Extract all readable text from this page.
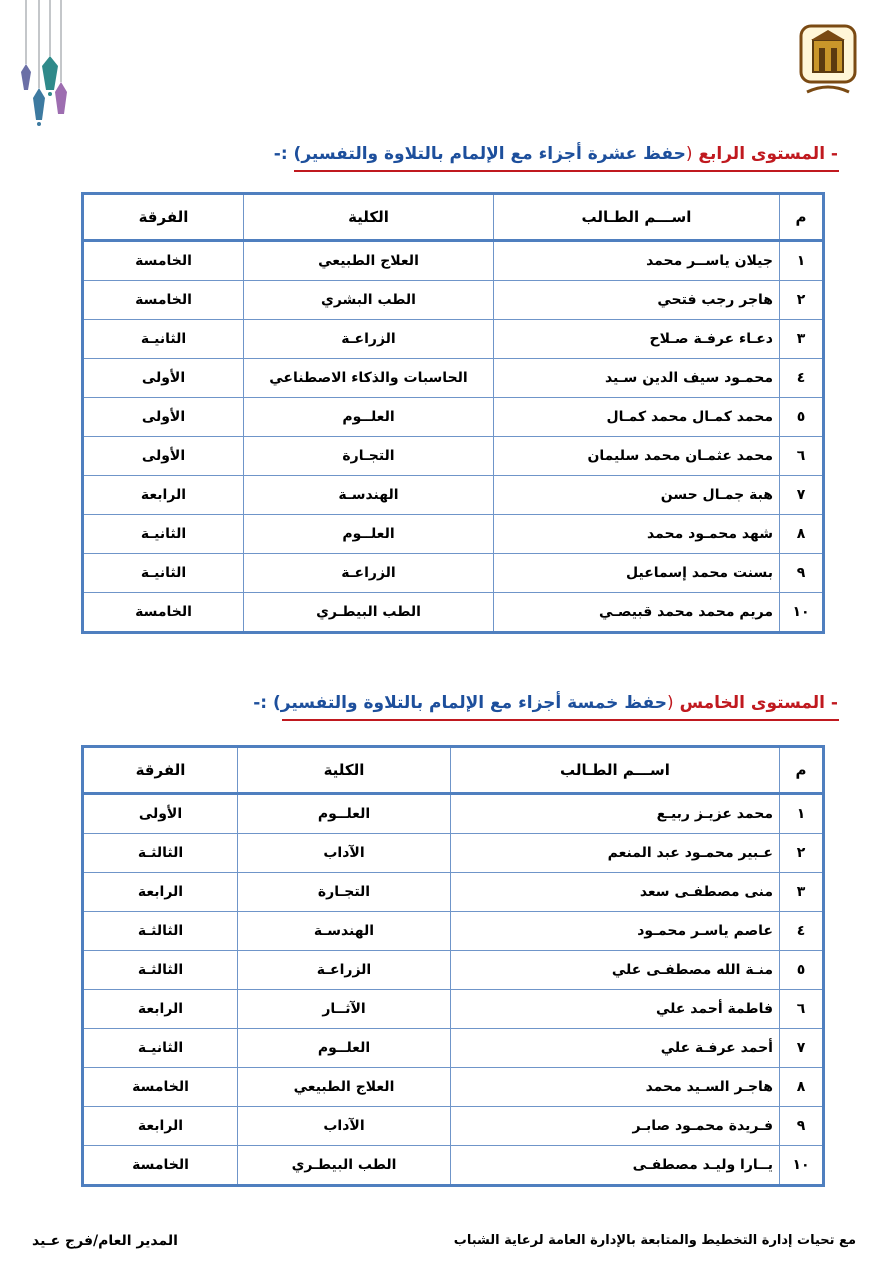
- المستوى الرابع (حفظ عشرة أجزاء مع الإلمام بالتلاوة والتفسير) :-
م	اســـم الطـالب	الكلية	الفرقة
١	جيلان ياســر محمد	العلاج الطبيعي	الخامسة
٢	هاجر رجب فتحي	الطب البشري	الخامسة
٣	دعـاء عرفـة صـلاح	الزراعـة	الثانيـة
٤	محمـود سيف الدين سـيد	الحاسبات والذكاء الاصطناعي	الأولى
٥	محمد كمـال محمد كمـال	العلــوم	الأولى
٦	محمد عثمـان محمد سليمان	التجـارة	الأولى
٧	هبة جمـال حسن	الهندسـة	الرابعة
٨	شهد محمـود محمد	العلــوم	الثانيـة
٩	بسنت محمد إسماعيل	الزراعـة	الثانيـة
١٠	مريم محمد محمد قبيصـي	الطب البيطـري	الخامسة
- المستوى الخامس (حفظ خمسة أجزاء مع الإلمام بالتلاوة والتفسير) :-
م	اســـم الطـالب	الكلية	الفرقة
١	محمد عزيـز ربيـع	العلــوم	الأولى
٢	عـبير محمـود عبد المنعم	الآداب	الثالثـة
٣	منى مصطفـى سعد	التجـارة	الرابعة
٤	عاصم ياسـر محمـود	الهندسـة	الثالثـة
٥	منـة الله مصطفـى علي	الزراعـة	الثالثـة
٦	فاطمة أحمد علي	الآثــار	الرابعة
٧	أحمد عرفـة علي	العلــوم	الثانيـة
٨	هاجـر السـيد محمد	العلاج الطبيعي	الخامسة
٩	فـريدة محمـود صابـر	الآداب	الرابعة
١٠	يــارا وليـد مصطفـى	الطب البيطـري	الخامسة
مع تحيات إدارة التخطيط والمتابعة بالإدارة العامة لرعاية الشباب
المدير العام/فرج عـيد
